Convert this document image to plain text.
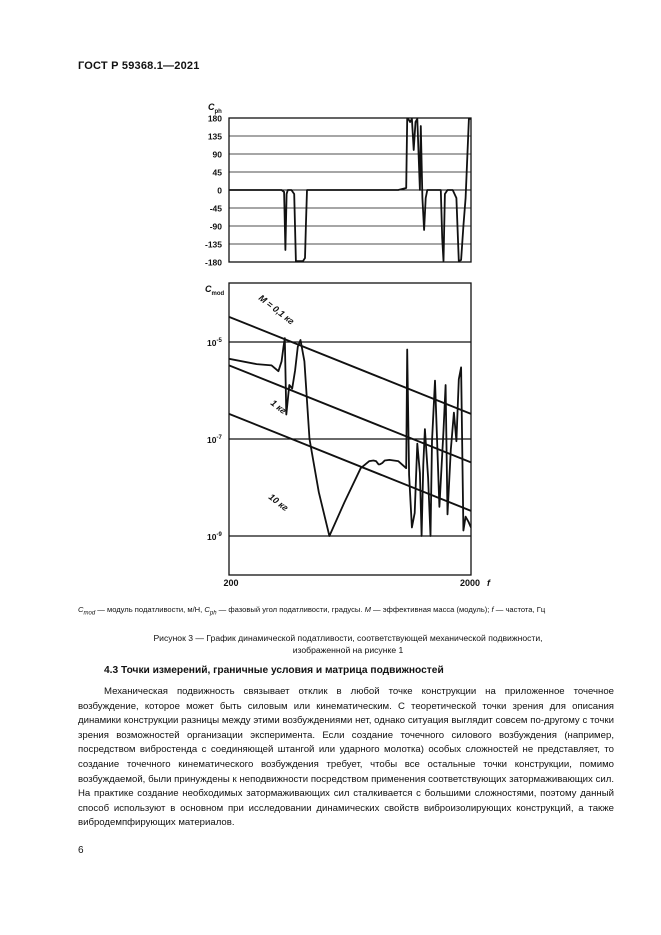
ГОСТ Р 59368.1—2021
$C_{ph}$
180
135
90
45
0
-45
-90
-135
-180
$C_{mod}$
$10^{-5}$
$10^{-7}$
$10^{-9}$
M = 0,1 кг
1 кг
10 кг
200	2000 f
$C_{mod}$ — модуль податливости, м/Н, $C_{ph}$ — фазовый угол податливости, градусы. M — эффективная масса (модуль); f — частота, Гц
Рисунок 3 — График динамической податливости, соответствующей механической подвижности,
изображенной на рисунке 1
4.3 Точки измерений, граничные условия и матрица подвижностей

Механическая подвижность связывает отклик в любой точке конструкции на приложенное точечное возбуждение, которое может быть силовым или кинематическим. С теоретической точки зрения для описания динамики конструкции разницы между этими возбуждениями нет, однако ситуация выглядит совсем по-другому с точки зрения возможностей организации эксперимента. Если создание точечного силового возбуждения (например, посредством вибростенда с соединяющей штангой или ударного молотка) особых сложностей не представляет, то создание точечного кинематического возбуждения требует, чтобы все остальные точки конструкции, помимо возбуждаемой, были принуждены к неподвижности посредством применения соответствующих затормаживающих сил. На практике создание необходимых затормаживающих сил сталкивается с большими сложностями, поэтому данный способ используют в основном при исследовании динамических свойств виброизолирующих конструкций, а также вибродемпфирующих материалов.

6
